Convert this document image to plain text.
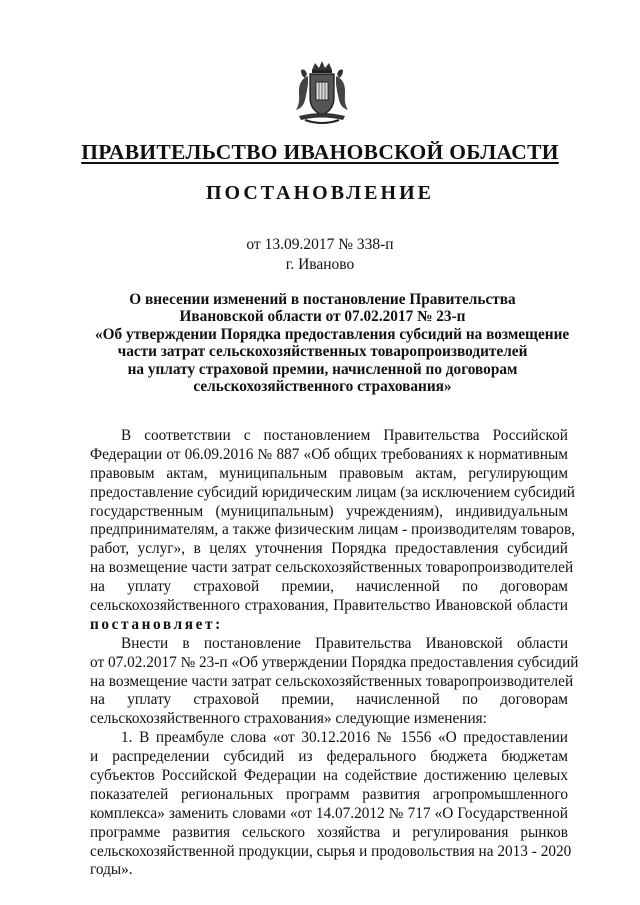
ПРАВИТЕЛЬСТВО ИВАНОВСКОЙ ОБЛАСТИ
ПОСТАНОВЛЕНИЕ
от 13.09.2017 № 338-п
г. Иваново
О внесении изменений в постановление Правительства
Ивановской области от 07.02.2017 № 23-п
«Об утверждении Порядка предоставления субсидий на возмещение
части затрат сельскохозяйственных товаропроизводителей
на уплату страховой премии, начисленной по договорам
сельскохозяйственного страхования»
В соответствии с постановлением Правительства Российской
Федерации от 06.09.2016 № 887 «Об общих требованиях к нормативным
правовым актам, муниципальным правовым актам, регулирующим
предоставление субсидий юридическим лицам (за исключением субсидий
государственным (муниципальным) учреждениям), индивидуальным
предпринимателям, а также физическим лицам - производителям товаров,
работ, услуг», в целях уточнения Порядка предоставления субсидий
на возмещение части затрат сельскохозяйственных товаропроизводителей
на уплату страховой премии, начисленной по договорам
сельскохозяйственного страхования, Правительство Ивановской области
постановляет:
Внести в постановление Правительства Ивановской области
от 07.02.2017 № 23-п «Об утверждении Порядка предоставления субсидий
на возмещение части затрат сельскохозяйственных товаропроизводителей
на уплату страховой премии, начисленной по договорам
сельскохозяйственного страхования» следующие изменения:
1. В преамбуле слова «от 30.12.2016 № 1556 «О предоставлении
и распределении субсидий из федерального бюджета бюджетам
субъектов Российской Федерации на содействие достижению целевых
показателей региональных программ развития агропромышленного
комплекса» заменить словами «от 14.07.2012 № 717 «О Государственной
программе развития сельского хозяйства и регулирования рынков
сельскохозяйственной продукции, сырья и продовольствия на 2013 - 2020
годы».
